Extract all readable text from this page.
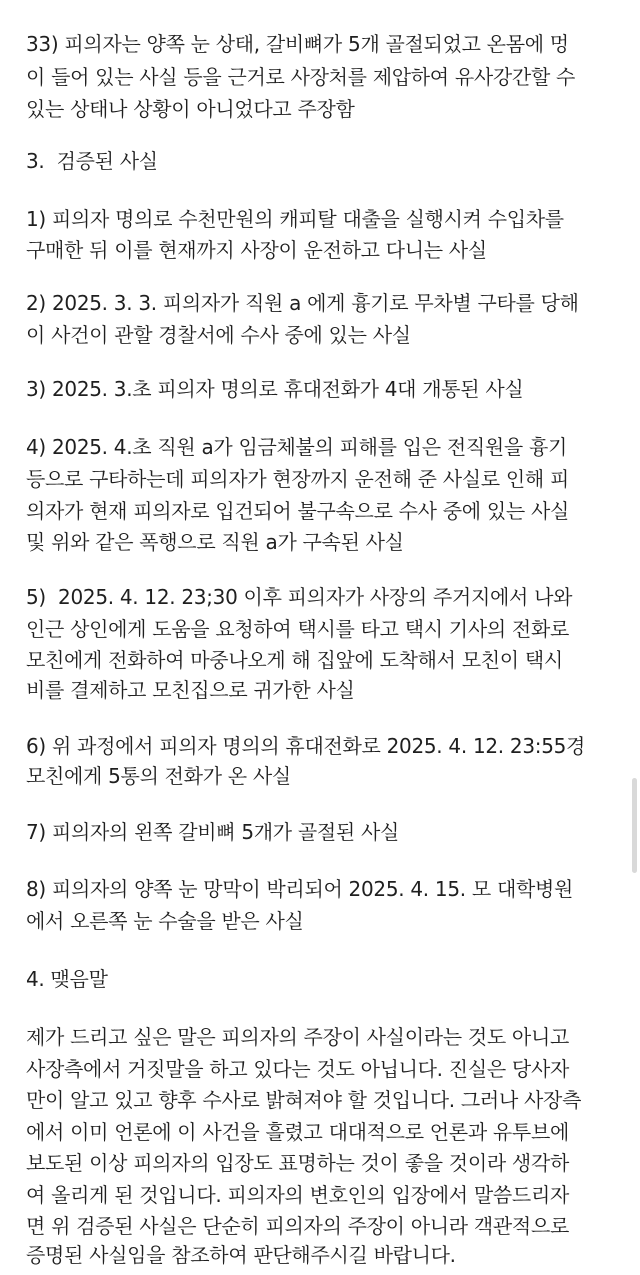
33) 피의자는 양쪽 눈 상태, 갈비뼈가 5개 골절되었고 온몸에 멍
이 들어 있는 사실 등을 근거로 사장처를 제압하여 유사강간할 수
있는 상태나 상황이 아니었다고 주장함
3.  검증된 사실
1) 피의자 명의로 수천만원의 캐피탈 대출을 실행시켜 수입차를
구매한 뒤 이를 현재까지 사장이 운전하고 다니는 사실
2) 2025. 3. 3. 피의자가 직원 a 에게 흉기로 무차별 구타를 당해
이 사건이 관할 경찰서에 수사 중에 있는 사실
3) 2025. 3.초 피의자 명의로 휴대전화가 4대 개통된 사실
4) 2025. 4.초 직원 a가 임금체불의 피해를 입은 전직원을 흉기
등으로 구타하는데 피의자가 현장까지 운전해 준 사실로 인해 피
의자가 현재 피의자로 입건되어 불구속으로 수사 중에 있는 사실
및 위와 같은 폭행으로 직원 a가 구속된 사실
5)  2025. 4. 12. 23;30 이후 피의자가 사장의 주거지에서 나와
인근 상인에게 도움을 요청하여 택시를 타고 택시 기사의 전화로
모친에게 전화하여 마중나오게 해 집앞에 도착해서 모친이 택시
비를 결제하고 모친집으로 귀가한 사실
6) 위 과정에서 피의자 명의의 휴대전화로 2025. 4. 12. 23:55경
모친에게 5통의 전화가 온 사실
7) 피의자의 왼쪽 갈비뼈 5개가 골절된 사실
8) 피의자의 양쪽 눈 망막이 박리되어 2025. 4. 15. 모 대학병원
에서 오른쪽 눈 수술을 받은 사실
4. 맺음말
제가 드리고 싶은 말은 피의자의 주장이 사실이라는 것도 아니고
사장측에서 거짓말을 하고 있다는 것도 아닙니다. 진실은 당사자
만이 알고 있고 향후 수사로 밝혀져야 할 것입니다. 그러나 사장측
에서 이미 언론에 이 사건을 흘렸고 대대적으로 언론과 유투브에
보도된 이상 피의자의 입장도 표명하는 것이 좋을 것이라 생각하
여 올리게 된 것입니다. 피의자의 변호인의 입장에서 말씀드리자
면 위 검증된 사실은 단순히 피의자의 주장이 아니라 객관적으로
증명된 사실임을 참조하여 판단해주시길 바랍니다.
